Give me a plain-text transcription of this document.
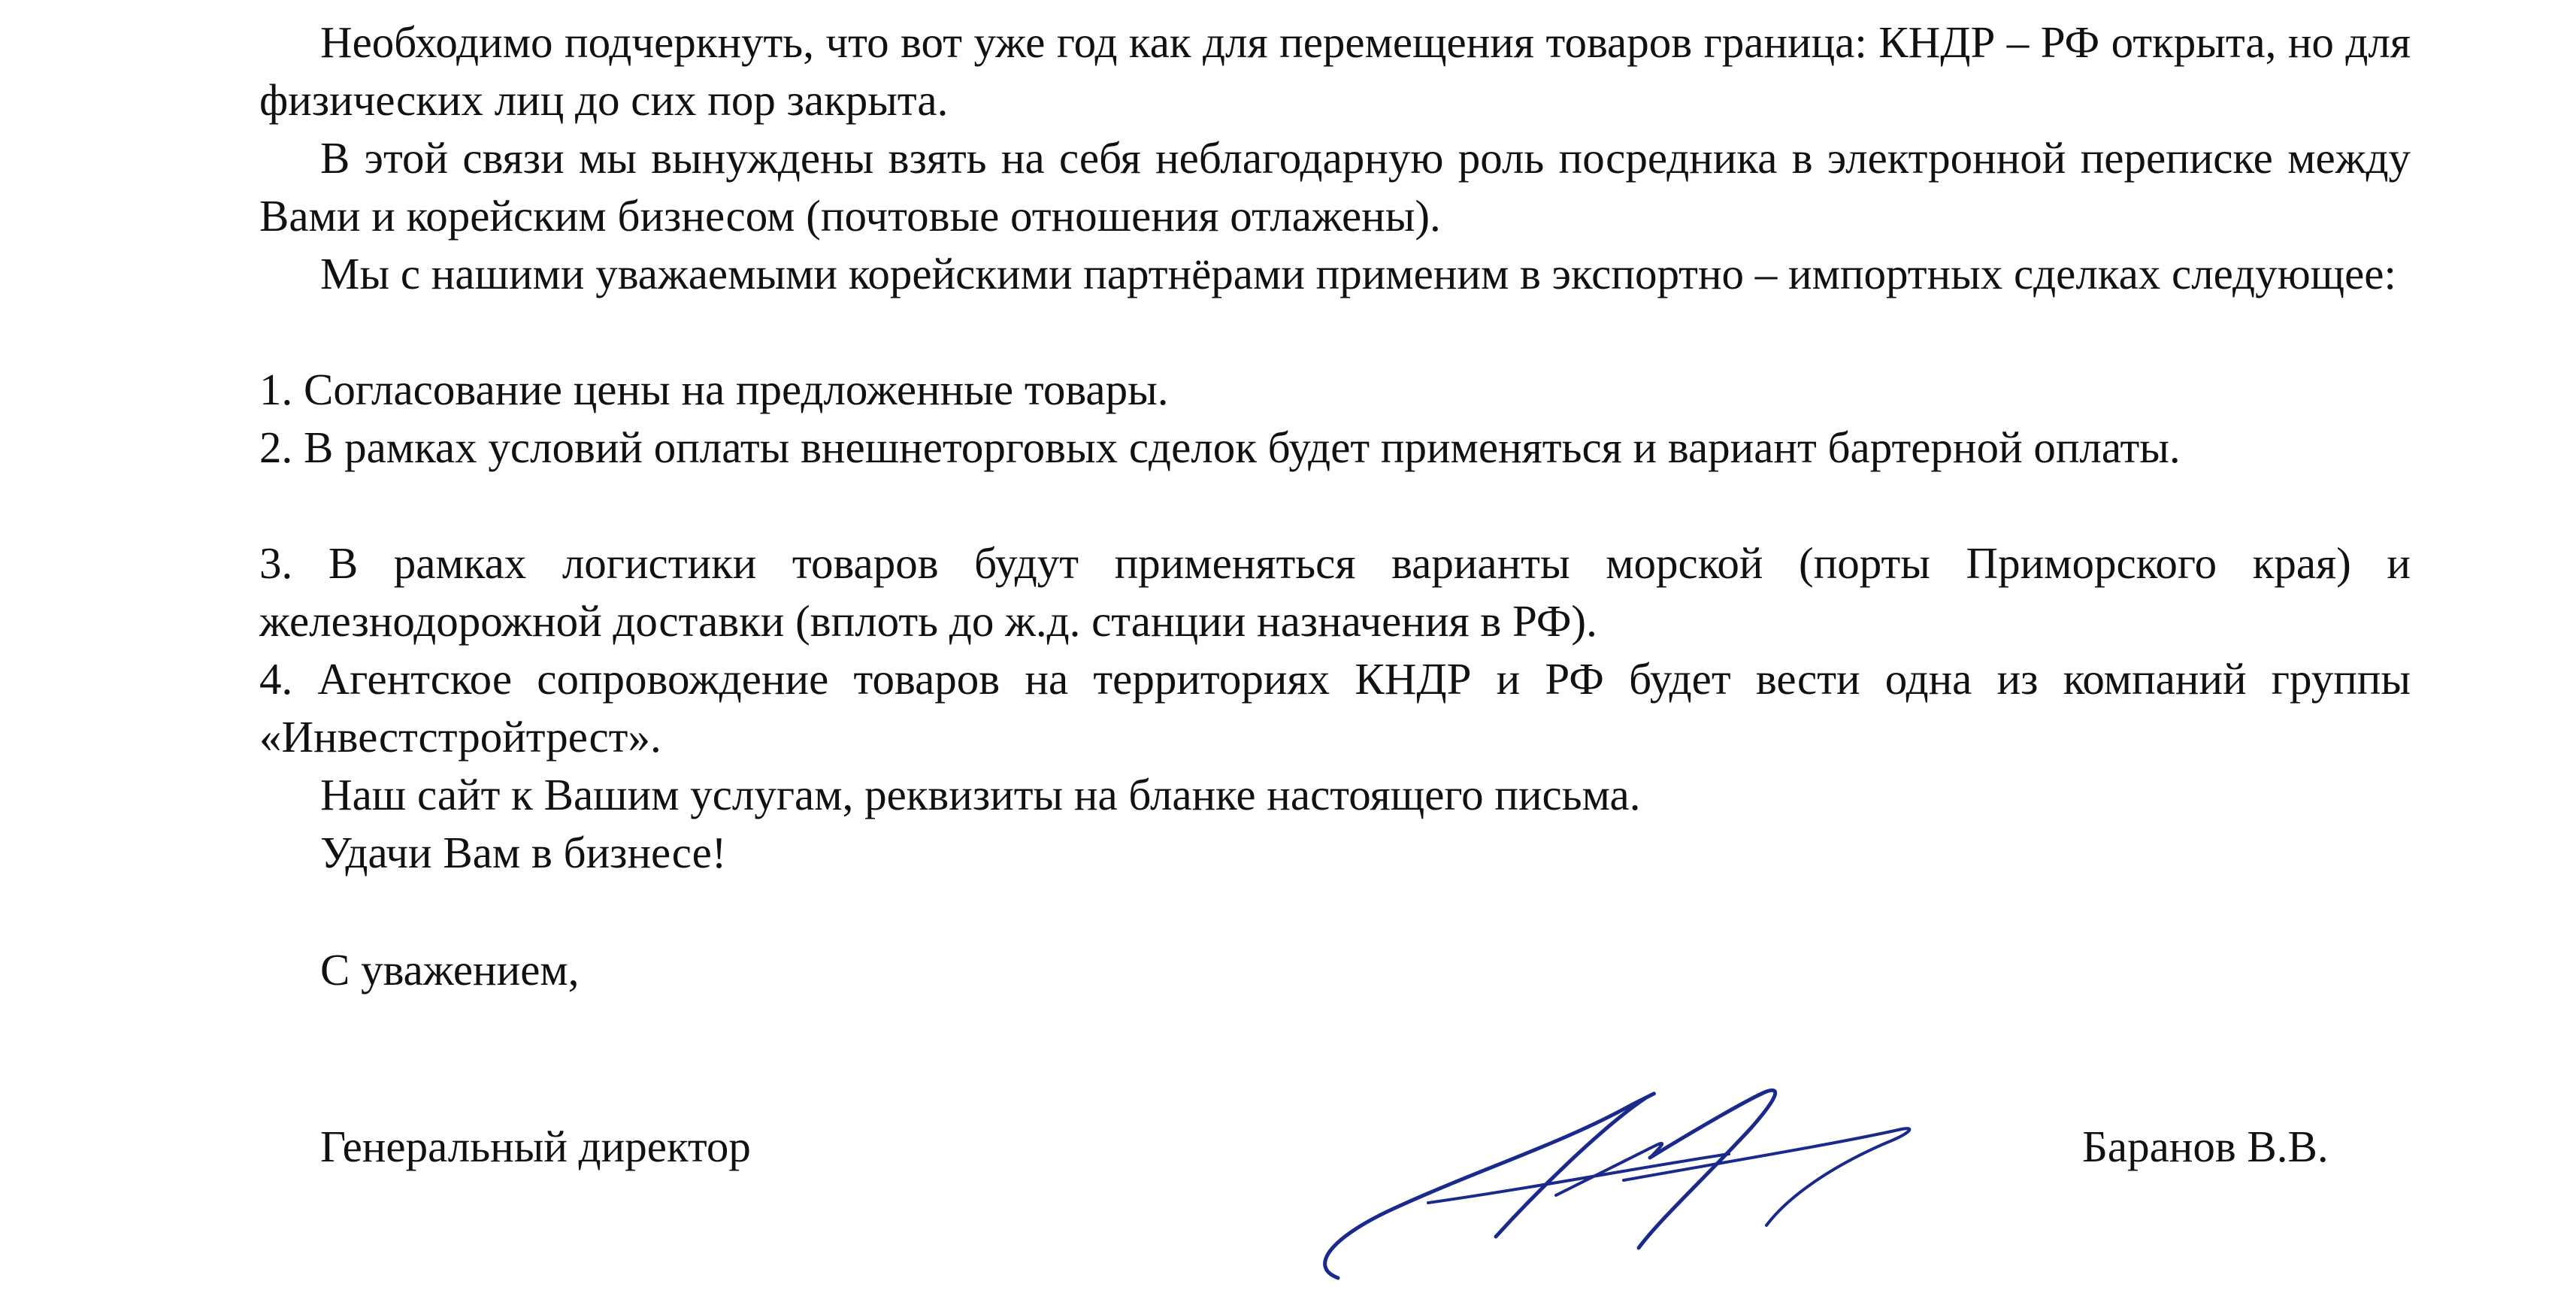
Необходимо подчеркнуть, что вот уже год как для перемещения товаров граница: КНДР – РФ открыта, но для физических лиц до сих пор закрыта.

В этой связи мы вынуждены взять на себя неблагодарную роль посредника в электронной переписке между Вами и корейским бизнесом (почтовые отношения отлажены).

Мы с нашими уважаемыми корейскими партнёрами применим в экспортно – импортных сделках следующее:

1. Согласование цены на предложенные товары.

2. В рамках условий оплаты внешнеторговых сделок будет применяться и вариант бартерной оплаты.

3. В рамках логистики товаров будут применяться варианты морской (порты Приморского края) и железнодорожной доставки (вплоть до ж.д. станции назначения в РФ).

4. Агентское сопровождение товаров на территориях КНДР и РФ будет вести одна из компаний группы «Инвестстройтрест».

Наш сайт к Вашим услугам, реквизиты на бланке настоящего письма.

Удачи Вам в бизнесе!

С уважением,

Генеральный директор	Баранов В.В.
